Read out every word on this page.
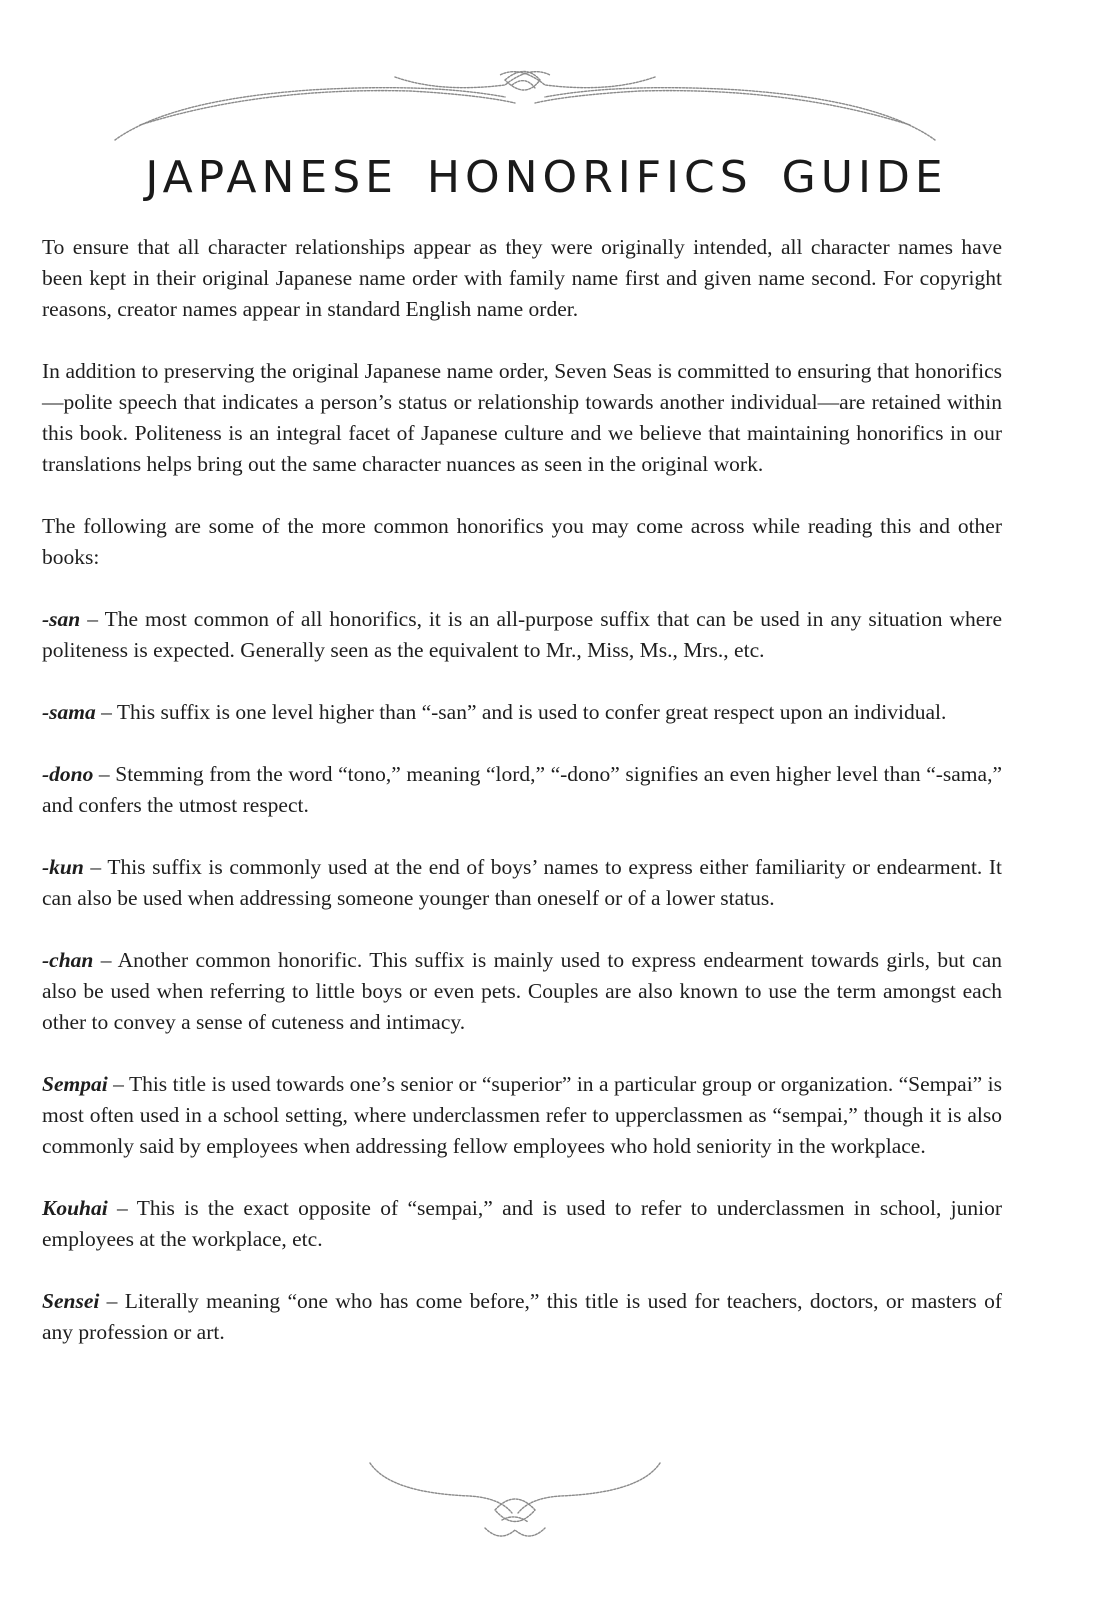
JAPANESE HONORIFICS GUIDE

To ensure that all character relationships appear as they were originally intended, all character names have been kept in their original Japanese name order with family name first and given name second. For copyright reasons, creator names appear in standard English name order.

In addition to preserving the original Japanese name order, Seven Seas is committed to ensuring that honorifics—polite speech that indicates a person’s status or relationship towards another individual—are retained within this book. Politeness is an integral facet of Japanese culture and we believe that maintaining honorifics in our translations helps bring out the same character nuances as seen in the original work.

The following are some of the more common honorifics you may come across while reading this and other books:

-san – The most common of all honorifics, it is an all-purpose suffix that can be used in any situation where politeness is expected. Generally seen as the equivalent to Mr., Miss, Ms., Mrs., etc.

-sama – This suffix is one level higher than “-san” and is used to confer great respect upon an individual.

-dono – Stemming from the word “tono,” meaning “lord,” “-dono” signifies an even higher level than “-sama,” and confers the utmost respect.

-kun – This suffix is commonly used at the end of boys’ names to express either familiarity or endearment. It can also be used when addressing someone younger than oneself or of a lower status.

-chan – Another common honorific. This suffix is mainly used to express endearment towards girls, but can also be used when referring to little boys or even pets. Couples are also known to use the term amongst each other to convey a sense of cuteness and intimacy.

Sempai – This title is used towards one’s senior or “superior” in a particular group or organization. “Sempai” is most often used in a school setting, where underclassmen refer to upperclassmen as “sempai,” though it is also commonly said by employees when addressing fellow employees who hold seniority in the workplace.

Kouhai – This is the exact opposite of “sempai,” and is used to refer to underclassmen in school, junior employees at the workplace, etc.

Sensei – Literally meaning “one who has come before,” this title is used for teachers, doctors, or masters of any profession or art.
